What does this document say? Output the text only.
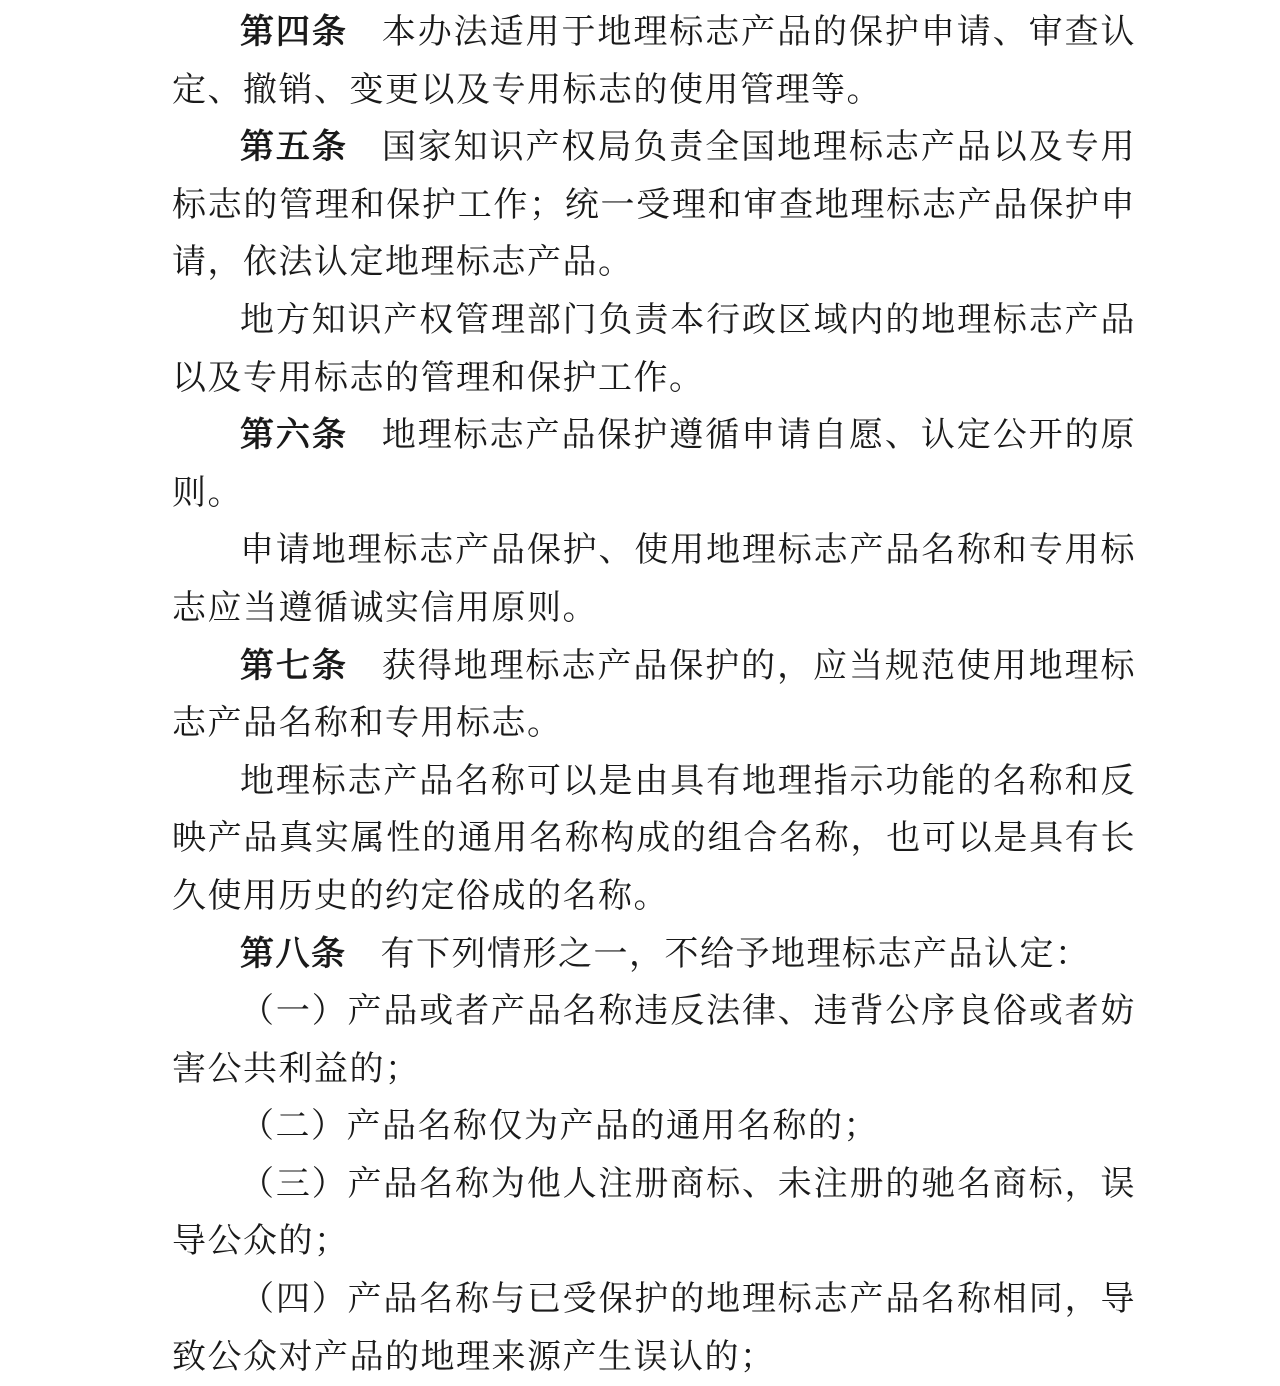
第四条 本办法适用于地理标志产品的保护申请、审查认定、撤销、变更以及专用标志的使用管理等。

第五条 国家知识产权局负责全国地理标志产品以及专用标志的管理和保护工作；统一受理和审查地理标志产品保护申请，依法认定地理标志产品。

地方知识产权管理部门负责本行政区域内的地理标志产品以及专用标志的管理和保护工作。

第六条 地理标志产品保护遵循申请自愿、认定公开的原则。

申请地理标志产品保护、使用地理标志产品名称和专用标志应当遵循诚实信用原则。

第七条 获得地理标志产品保护的，应当规范使用地理标志产品名称和专用标志。

地理标志产品名称可以是由具有地理指示功能的名称和反映产品真实属性的通用名称构成的组合名称，也可以是具有长久使用历史的约定俗成的名称。

第八条 有下列情形之一，不给予地理标志产品认定：

（一）产品或者产品名称违反法律、违背公序良俗或者妨害公共利益的；

（二）产品名称仅为产品的通用名称的；

（三）产品名称为他人注册商标、未注册的驰名商标，误导公众的；

（四）产品名称与已受保护的地理标志产品名称相同，导致公众对产品的地理来源产生误认的；
